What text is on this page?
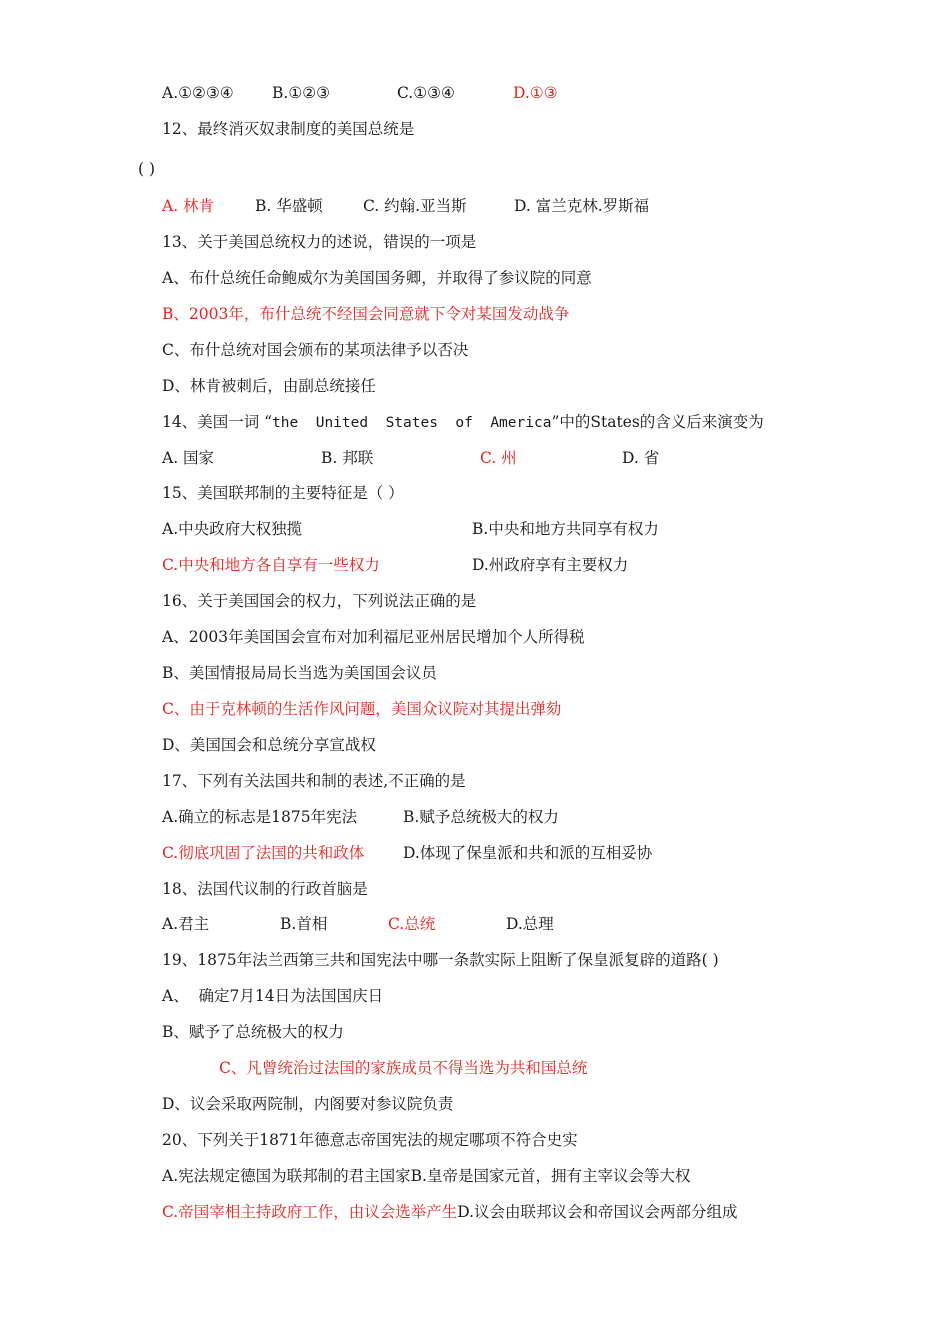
A.①②③④ B.①②③	C.①③④	D.①③
12、最终消灭奴隶制度的美国总统是
( )
A. 林肯	B. 华盛顿	C. 约翰.亚当斯	D. 富兰克林.罗斯福
13、关于美国总统权力的述说，错误的一项是
A、布什总统任命鲍威尔为美国国务卿，并取得了参议院的同意
B、2003年，布什总统不经国会同意就下令对某国发动战争
C、布什总统对国会颁布的某项法律予以否决
D、林肯被刺后，由副总统接任
14、美国一词 “the  United  States  of  America”中的States的含义后来演变为
A. 国家	B. 邦联	C. 州	D. 省
15、美国联邦制的主要特征是（ ）
A.中央政府大权独揽	B.中央和地方共同享有权力
C.中央和地方各自享有一些权力	D.州政府享有主要权力
16、关于美国国会的权力，下列说法正确的是
A、2003年美国国会宣布对加利福尼亚州居民增加个人所得税
B、美国情报局局长当选为美国国会议员
C、由于克林顿的生活作风问题，美国众议院对其提出弹劾
D、美国国会和总统分享宣战权
17、下列有关法国共和制的表述,不正确的是
A.确立的标志是1875年宪法	B.赋予总统极大的权力
C.彻底巩固了法国的共和政体	D.体现了保皇派和共和派的互相妥协
18、法国代议制的行政首脑是
A.君主	B.首相	C.总统	D.总理
19、1875年法兰西第三共和国宪法中哪一条款实际上阻断了保皇派复辟的道路( )
A、  确定7月14日为法国国庆日
B、赋予了总统极大的权力
C、凡曾统治过法国的家族成员不得当选为共和国总统
D、议会采取两院制，内阁要对参议院负责
20、下列关于1871年德意志帝国宪法的规定哪项不符合史实
A.宪法规定德国为联邦制的君主国家B.皇帝是国家元首，拥有主宰议会等大权
C.帝国宰相主持政府工作，由议会选举产生D.议会由联邦议会和帝国议会两部分组成
